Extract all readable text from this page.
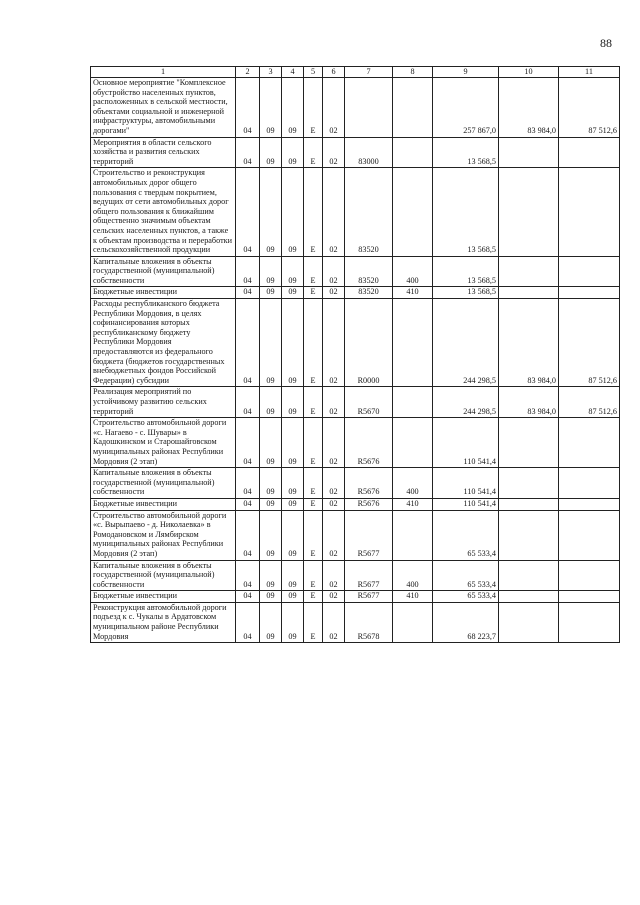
88
1	2	3	4	5	6	7	8	9	10	11
Основное мероприятие "Комплексное обустройство населенных пунктов, расположенных в сельской местности, объектами социальной и инженерной инфраструктуры, автомобильными дорогами"	04	09	09	Е	02			257 867,0	83 984,0	87 512,6
Мероприятия в области сельского хозяйства и развития сельских территорий	04	09	09	Е	02	83000		13 568,5		
Строительство и реконструкция автомобильных дорог общего пользования с твердым покрытием, ведущих от сети автомобильных дорог общего пользования к ближайшим общественно значимым объектам сельских населенных пунктов, а также к объектам производства и переработки сельскохозяйственной продукции	04	09	09	Е	02	83520		13 568,5		
Капитальные вложения в объекты государственной (муниципальной) собственности	04	09	09	Е	02	83520	400	13 568,5		
Бюджетные инвестиции	04	09	09	Е	02	83520	410	13 568,5		
Расходы республиканского бюджета Республики Мордовия, в целях софинансирования которых республиканскому бюджету Республики Мордовия предоставляются из федерального бюджета (бюджетов государственных внебюджетных фондов Российской Федерации) субсидии	04	09	09	Е	02	R0000		244 298,5	83 984,0	87 512,6
Реализация мероприятий по устойчивому развитию сельских территорий	04	09	09	Е	02	R5670		244 298,5	83 984,0	87 512,6
Строительство автомобильной дороги «с. Нагаево - с. Шувары» в Кадошкинском и Старошайговском муниципальных районах Республики Мордовия (2 этап)	04	09	09	Е	02	R5676		110 541,4		
Капитальные вложения в объекты государственной (муниципальной) собственности	04	09	09	Е	02	R5676	400	110 541,4		
Бюджетные инвестиции	04	09	09	Е	02	R5676	410	110 541,4		
Строительство автомобильной дороги «с. Вырыпаево - д. Николаевка» в Ромодановском и Лямбирском муниципальных районах Республики Мордовия (2 этап)	04	09	09	Е	02	R5677		65 533,4		
Капитальные вложения в объекты государственной (муниципальной) собственности	04	09	09	Е	02	R5677	400	65 533,4		
Бюджетные инвестиции	04	09	09	Е	02	R5677	410	65 533,4		
Реконструкция автомобильной дороги подъезд к с. Чукалы в Ардатовском муниципальном районе Республики Мордовия	04	09	09	Е	02	R5678		68 223,7		
